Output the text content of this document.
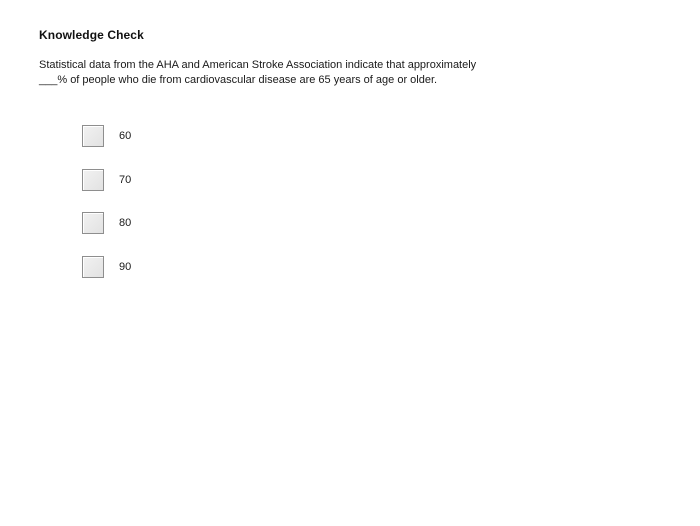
Knowledge Check
Statistical data from the AHA and American Stroke Association indicate that approximately
___% of people who die from cardiovascular disease are 65 years of age or older.
60
70
80
90
